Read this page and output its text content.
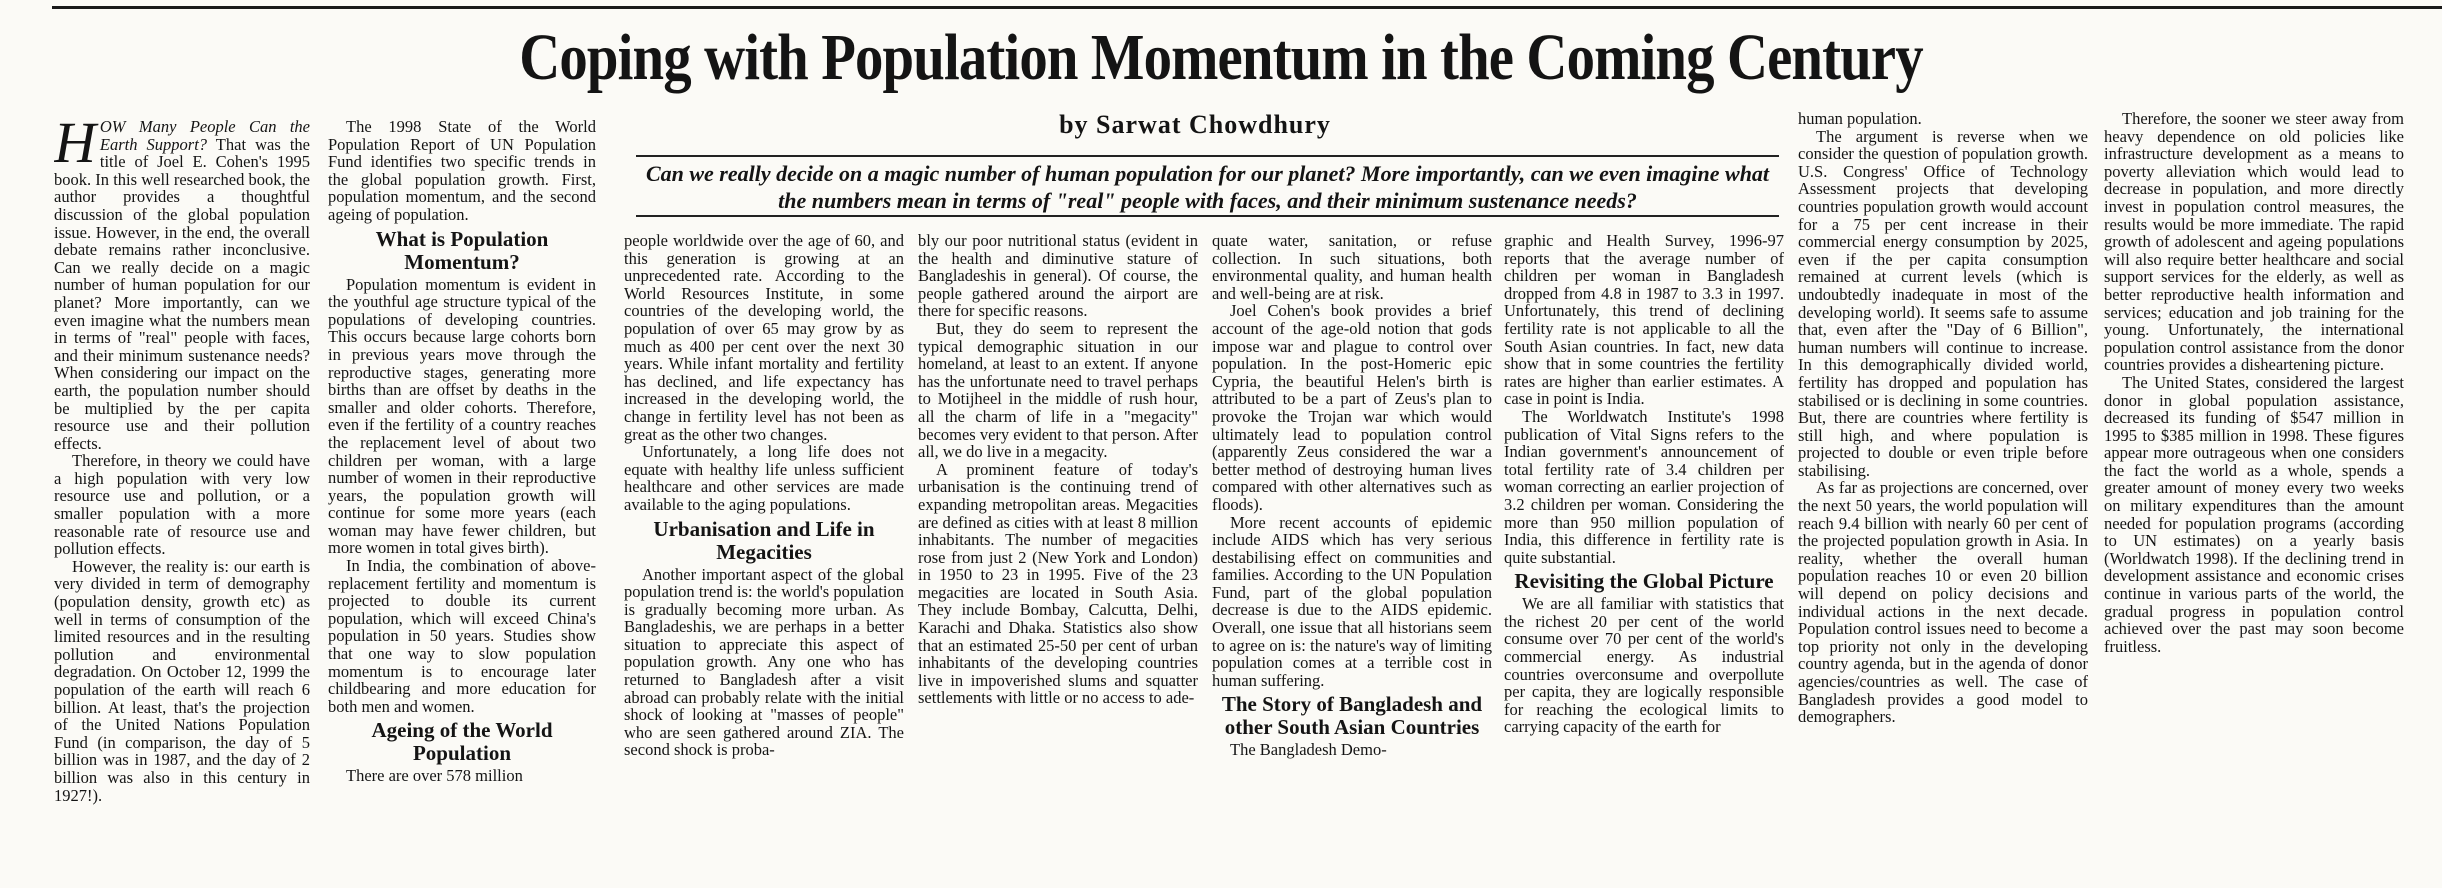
Coping with Population Momentum in the Coming Century
by Sarwat Chowdhury
Can we really decide on a magic number of human population for our planet? More importantly, can we even imagine what the numbers mean in terms of "real" people with faces, and their minimum sustenance needs?

HOW Many People Can the Earth Support? That was the title of Joel E. Cohen's 1995 book. In this well researched book, the author provides a thoughtful discussion of the global population issue. However, in the end, the overall debate remains rather inconclusive. Can we really decide on a magic number of human population for our planet? More importantly, can we even imagine what the numbers mean in terms of "real" people with faces, and their minimum sustenance needs? When considering our impact on the earth, the population number should be multiplied by the per capita resource use and their pollution effects.

Therefore, in theory we could have a high population with very low resource use and pollution, or a smaller population with a more reasonable rate of resource use and pollution effects.

However, the reality is: our earth is very divided in term of demography (population density, growth etc) as well in terms of consumption of the limited resources and in the resulting pollution and environmental degradation. On October 12, 1999 the population of the earth will reach 6 billion. At least, that's the projection of the United Nations Population Fund (in comparison, the day of 5 billion was in 1987, and the day of 2 billion was also in this century in 1927!).

The 1998 State of the World Population Report of UN Population Fund identifies two specific trends in the global population growth. First, population momentum, and the second ageing of population.

What is Population Momentum?

Population momentum is evident in the youthful age structure typical of the populations of developing countries. This occurs because large cohorts born in previous years move through the reproductive stages, generating more births than are offset by deaths in the smaller and older cohorts. Therefore, even if the fertility of a country reaches the replacement level of about two children per woman, with a large number of women in their reproductive years, the population growth will continue for some more years (each woman may have fewer children, but more women in total gives birth).

In India, the combination of above-replacement fertility and momentum is projected to double its current population, which will exceed China's population in 50 years. Studies show that one way to slow population momentum is to encourage later childbearing and more education for both men and women.

Ageing of the World Population

There are over 578 million

people worldwide over the age of 60, and this generation is growing at an unprecedented rate. According to the World Resources Institute, in some countries of the developing world, the population of over 65 may grow by as much as 400 per cent over the next 30 years. While infant mortality and fertility has declined, and life expectancy has increased in the developing world, the change in fertility level has not been as great as the other two changes.

Unfortunately, a long life does not equate with healthy life unless sufficient healthcare and other services are made available to the aging populations.

Urbanisation and Life in Megacities

Another important aspect of the global population trend is: the world's population is gradually becoming more urban. As Bangladeshis, we are perhaps in a better situation to appreciate this aspect of population growth. Any one who has returned to Bangladesh after a visit abroad can probably relate with the initial shock of looking at "masses of people" who are seen gathered around ZIA. The second shock is proba-

bly our poor nutritional status (evident in the health and diminutive stature of Bangladeshis in general). Of course, the people gathered around the airport are there for specific reasons.

But, they do seem to represent the typical demographic situation in our homeland, at least to an extent. If anyone has the unfortunate need to travel perhaps to Motijheel in the middle of rush hour, all the charm of life in a "megacity" becomes very evident to that person. After all, we do live in a megacity.

A prominent feature of today's urbanisation is the continuing trend of expanding metropolitan areas. Megacities are defined as cities with at least 8 million inhabitants. The number of megacities rose from just 2 (New York and London) in 1950 to 23 in 1995. Five of the 23 megacities are located in South Asia. They include Bombay, Calcutta, Delhi, Karachi and Dhaka. Statistics also show that an estimated 25-50 per cent of urban inhabitants of the developing countries live in impoverished slums and squatter settlements with little or no access to ade-

quate water, sanitation, or refuse collection. In such situations, both environmental quality, and human health and well-being are at risk.

Joel Cohen's book provides a brief account of the age-old notion that gods impose war and plague to control over population. In the post-Homeric epic Cypria, the beautiful Helen's birth is attributed to be a part of Zeus's plan to provoke the Trojan war which would ultimately lead to population control (apparently Zeus considered the war a better method of destroying human lives compared with other alternatives such as floods).

More recent accounts of epidemic include AIDS which has very serious destabilising effect on communities and families. According to the UN Population Fund, part of the global population decrease is due to the AIDS epidemic. Overall, one issue that all historians seem to agree on is: the nature's way of limiting population comes at a terrible cost in human suffering.

The Story of Bangladesh and other South Asian Countries

The Bangladesh Demo-

graphic and Health Survey, 1996-97 reports that the average number of children per woman in Bangladesh dropped from 4.8 in 1987 to 3.3 in 1997. Unfortunately, this trend of declining fertility rate is not applicable to all the South Asian countries. In fact, new data show that in some countries the fertility rates are higher than earlier estimates. A case in point is India.

The Worldwatch Institute's 1998 publication of Vital Signs refers to the Indian government's announcement of total fertility rate of 3.4 children per woman correcting an earlier projection of 3.2 children per woman. Considering the more than 950 million population of India, this difference in fertility rate is quite substantial.

Revisiting the Global Picture

We are all familiar with statistics that the richest 20 per cent of the world consume over 70 per cent of the world's commercial energy. As industrial countries overconsume and overpollute per capita, they are logically responsible for reaching the ecological limits to carrying capacity of the earth for

human population.

The argument is reverse when we consider the question of population growth. U.S. Congress' Office of Technology Assessment projects that developing countries population growth would account for a 75 per cent increase in their commercial energy consumption by 2025, even if the per capita consumption remained at current levels (which is undoubtedly inadequate in most of the developing world). It seems safe to assume that, even after the "Day of 6 Billion", human numbers will continue to increase. In this demographically divided world, fertility has dropped and population has stabilised or is declining in some countries. But, there are countries where fertility is still high, and where population is projected to double or even triple before stabilising.

As far as projections are concerned, over the next 50 years, the world population will reach 9.4 billion with nearly 60 per cent of the projected population growth in Asia. In reality, whether the overall human population reaches 10 or even 20 billion will depend on policy decisions and individual actions in the next decade. Population control issues need to become a top priority not only in the developing country agenda, but in the agenda of donor agencies/countries as well. The case of Bangladesh provides a good model to demographers.

Therefore, the sooner we steer away from heavy dependence on old policies like infrastructure development as a means to poverty alleviation which would lead to decrease in population, and more directly invest in population control measures, the results would be more immediate. The rapid growth of adolescent and ageing populations will also require better healthcare and social support services for the elderly, as well as better reproductive health information and services; education and job training for the young. Unfortunately, the international population control assistance from the donor countries provides a disheartening picture.

The United States, considered the largest donor in global population assistance, decreased its funding of $547 million in 1995 to $385 million in 1998. These figures appear more outrageous when one considers the fact the world as a whole, spends a greater amount of money every two weeks on military expenditures than the amount needed for population programs (according to UN estimates) on a yearly basis (Worldwatch 1998). If the declining trend in development assistance and economic crises continue in various parts of the world, the gradual progress in population control achieved over the past may soon become fruitless.
